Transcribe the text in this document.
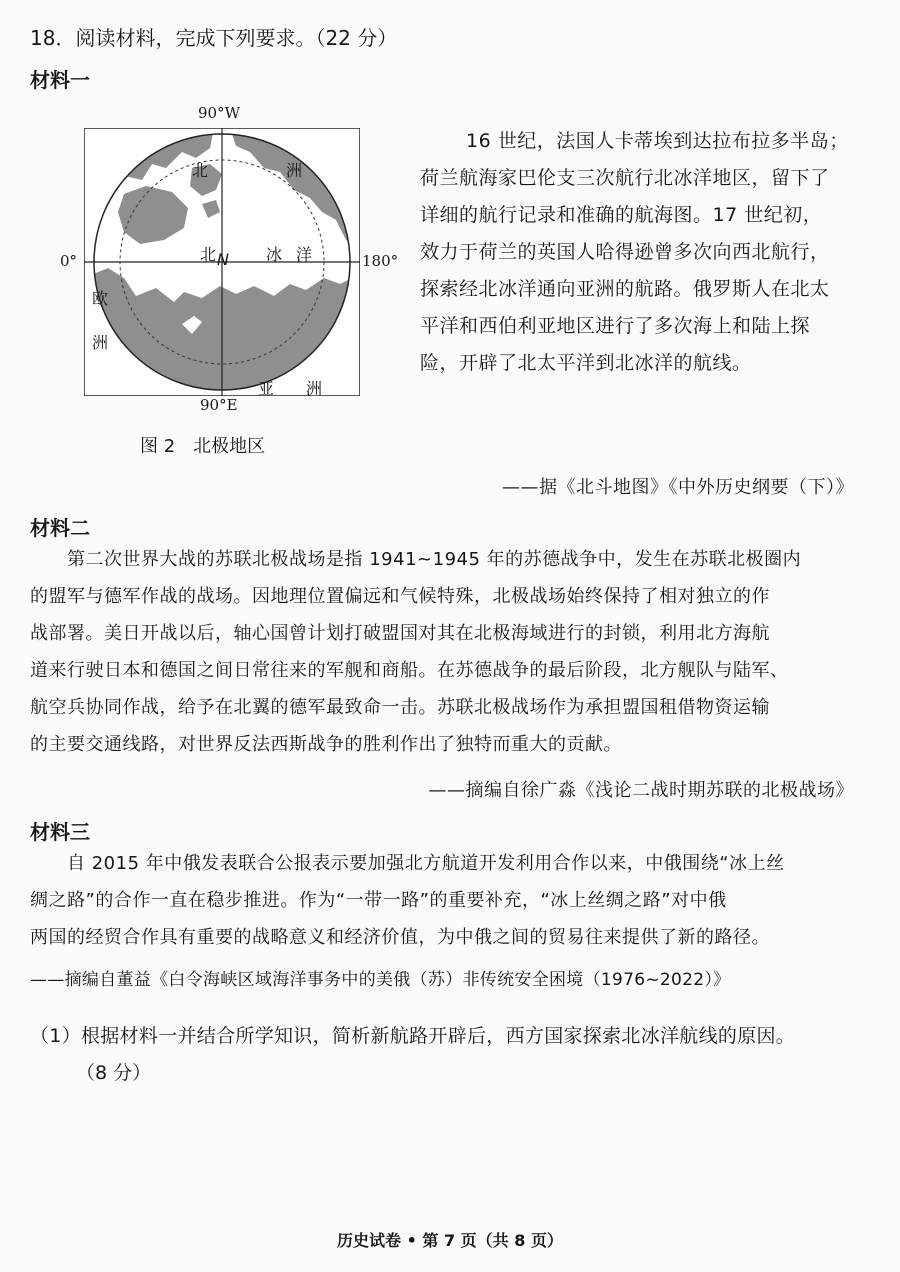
18．阅读材料，完成下列要求。（22 分）
材料一
90°W
0°	180°
90°E
北	洲
北	冰 洋
N
欧
洲
亚 洲
图 2　北极地区

16 世纪，法国人卡蒂埃到达拉布拉多半岛；

荷兰航海家巴伦支三次航行北冰洋地区，留下了

详细的航行记录和准确的航海图。17 世纪初，

效力于荷兰的英国人哈得逊曾多次向西北航行，

探索经北冰洋通向亚洲的航路。俄罗斯人在北太

平洋和西伯利亚地区进行了多次海上和陆上探

险，开辟了北太平洋到北冰洋的航线。

——据《北斗地图》《中外历史纲要（下）》
材料二

　　第二次世界大战的苏联北极战场是指 1941~1945 年的苏德战争中，发生在苏联北极圈内

的盟军与德军作战的战场。因地理位置偏远和气候特殊，北极战场始终保持了相对独立的作

战部署。美日开战以后，轴心国曾计划打破盟国对其在北极海域进行的封锁，利用北方海航

道来行驶日本和德国之间日常往来的军舰和商船。在苏德战争的最后阶段，北方舰队与陆军、

航空兵协同作战，给予在北翼的德军最致命一击。苏联北极战场作为承担盟国租借物资运输

的主要交通线路，对世界反法西斯战争的胜利作出了独特而重大的贡献。

——摘编自徐广淼《浅论二战时期苏联的北极战场》
材料三

　　自 2015 年中俄发表联合公报表示要加强北方航道开发利用合作以来，中俄围绕“冰上丝

绸之路”的合作一直在稳步推进。作为“一带一路”的重要补充，“冰上丝绸之路”对中俄

两国的经贸合作具有重要的战略意义和经济价值，为中俄之间的贸易往来提供了新的路径。

——摘编自董益《白令海峡区域海洋事务中的美俄（苏）非传统安全困境（1976~2022）》
（1）根据材料一并结合所学知识，简析新航路开辟后，西方国家探索北冰洋航线的原因。
（8 分）
历史试卷 • 第 7 页（共 8 页）
